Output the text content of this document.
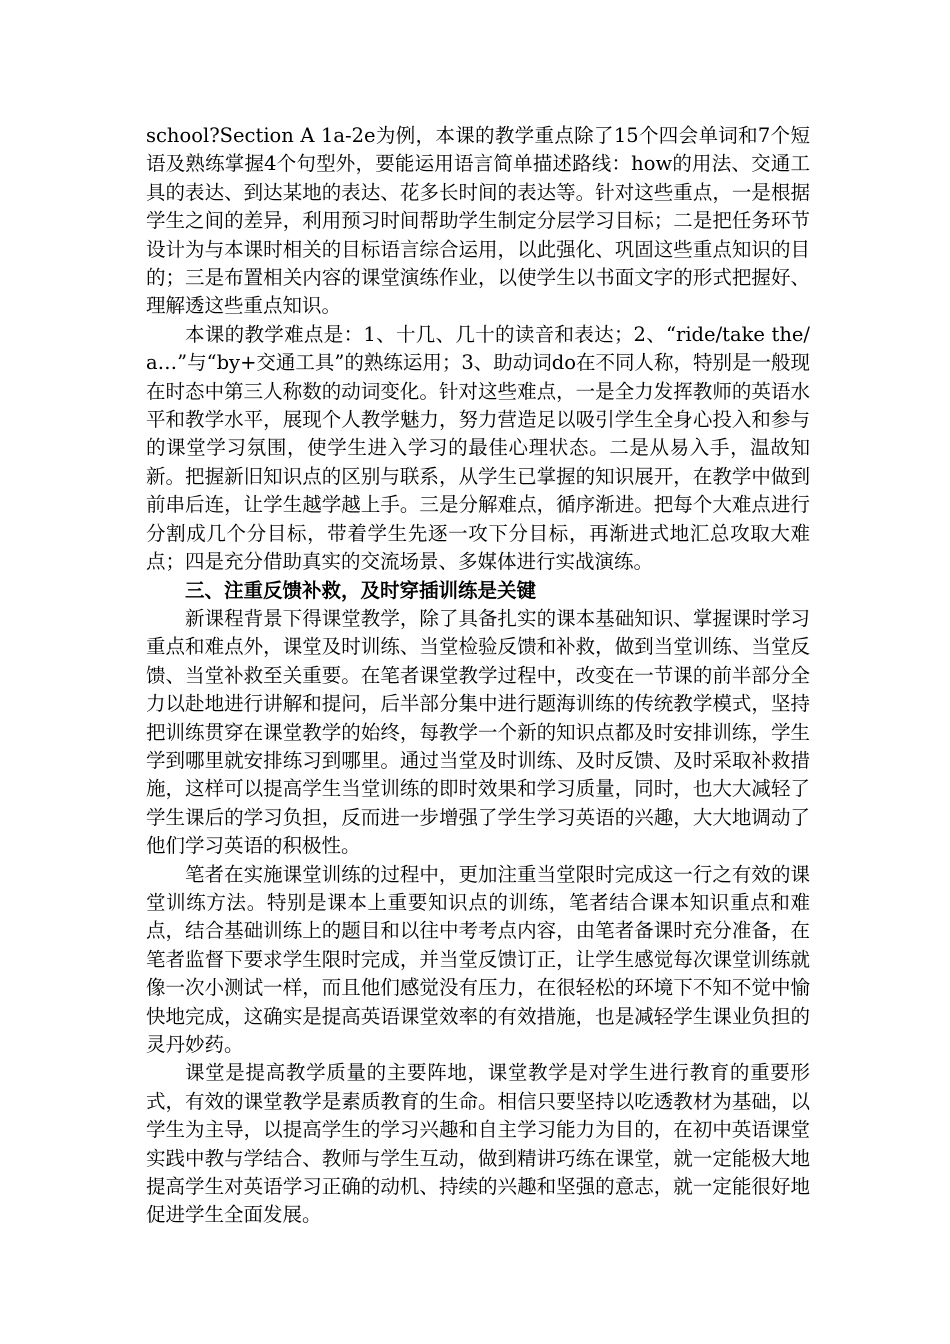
school?Section A 1a-2e为例，本课的教学重点除了15个四会单词和7个短语及熟练掌握4个句型外，要能运用语言简单描述路线：how的用法、交通工具的表达、到达某地的表达、花多长时间的表达等。针对这些重点，一是根据学生之间的差异，利用预习时间帮助学生制定分层学习目标；二是把任务环节设计为与本课时相关的目标语言综合运用，以此强化、巩固这些重点知识的目的；三是布置相关内容的课堂演练作业，以使学生以书面文字的形式把握好、理解透这些重点知识。

本课的教学难点是：1、十几、几十的读音和表达；2、“ride/take the/a…”与“by+交通工具”的熟练运用；3、助动词do在不同人称，特别是一般现在时态中第三人称数的动词变化。针对这些难点，一是全力发挥教师的英语水平和教学水平，展现个人教学魅力，努力营造足以吸引学生全身心投入和参与的课堂学习氛围，使学生进入学习的最佳心理状态。二是从易入手，温故知新。把握新旧知识点的区别与联系，从学生已掌握的知识展开，在教学中做到前串后连，让学生越学越上手。三是分解难点，循序渐进。把每个大难点进行分割成几个分目标，带着学生先逐一攻下分目标，再渐进式地汇总攻取大难点；四是充分借助真实的交流场景、多媒体进行实战演练。

三、注重反馈补救，及时穿插训练是关键

新课程背景下得课堂教学，除了具备扎实的课本基础知识、掌握课时学习重点和难点外，课堂及时训练、当堂检验反馈和补救，做到当堂训练、当堂反馈、当堂补救至关重要。在笔者课堂教学过程中，改变在一节课的前半部分全力以赴地进行讲解和提问，后半部分集中进行题海训练的传统教学模式，坚持把训练贯穿在课堂教学的始终，每教学一个新的知识点都及时安排训练，学生学到哪里就安排练习到哪里。通过当堂及时训练、及时反馈、及时采取补救措施，这样可以提高学生当堂训练的即时效果和学习质量，同时，也大大减轻了学生课后的学习负担，反而进一步增强了学生学习英语的兴趣，大大地调动了他们学习英语的积极性。

笔者在实施课堂训练的过程中，更加注重当堂限时完成这一行之有效的课堂训练方法。特别是课本上重要知识点的训练，笔者结合课本知识重点和难点，结合基础训练上的题目和以往中考考点内容，由笔者备课时充分准备，在笔者监督下要求学生限时完成，并当堂反馈订正，让学生感觉每次课堂训练就像一次小测试一样，而且他们感觉没有压力，在很轻松的环境下不知不觉中愉快地完成，这确实是提高英语课堂效率的有效措施，也是减轻学生课业负担的灵丹妙药。

课堂是提高教学质量的主要阵地，课堂教学是对学生进行教育的重要形式，有效的课堂教学是素质教育的生命。相信只要坚持以吃透教材为基础，以学生为主导，以提高学生的学习兴趣和自主学习能力为目的，在初中英语课堂实践中教与学结合、教师与学生互动，做到精讲巧练在课堂，就一定能极大地提高学生对英语学习正确的动机、持续的兴趣和坚强的意志，就一定能很好地促进学生全面发展。
